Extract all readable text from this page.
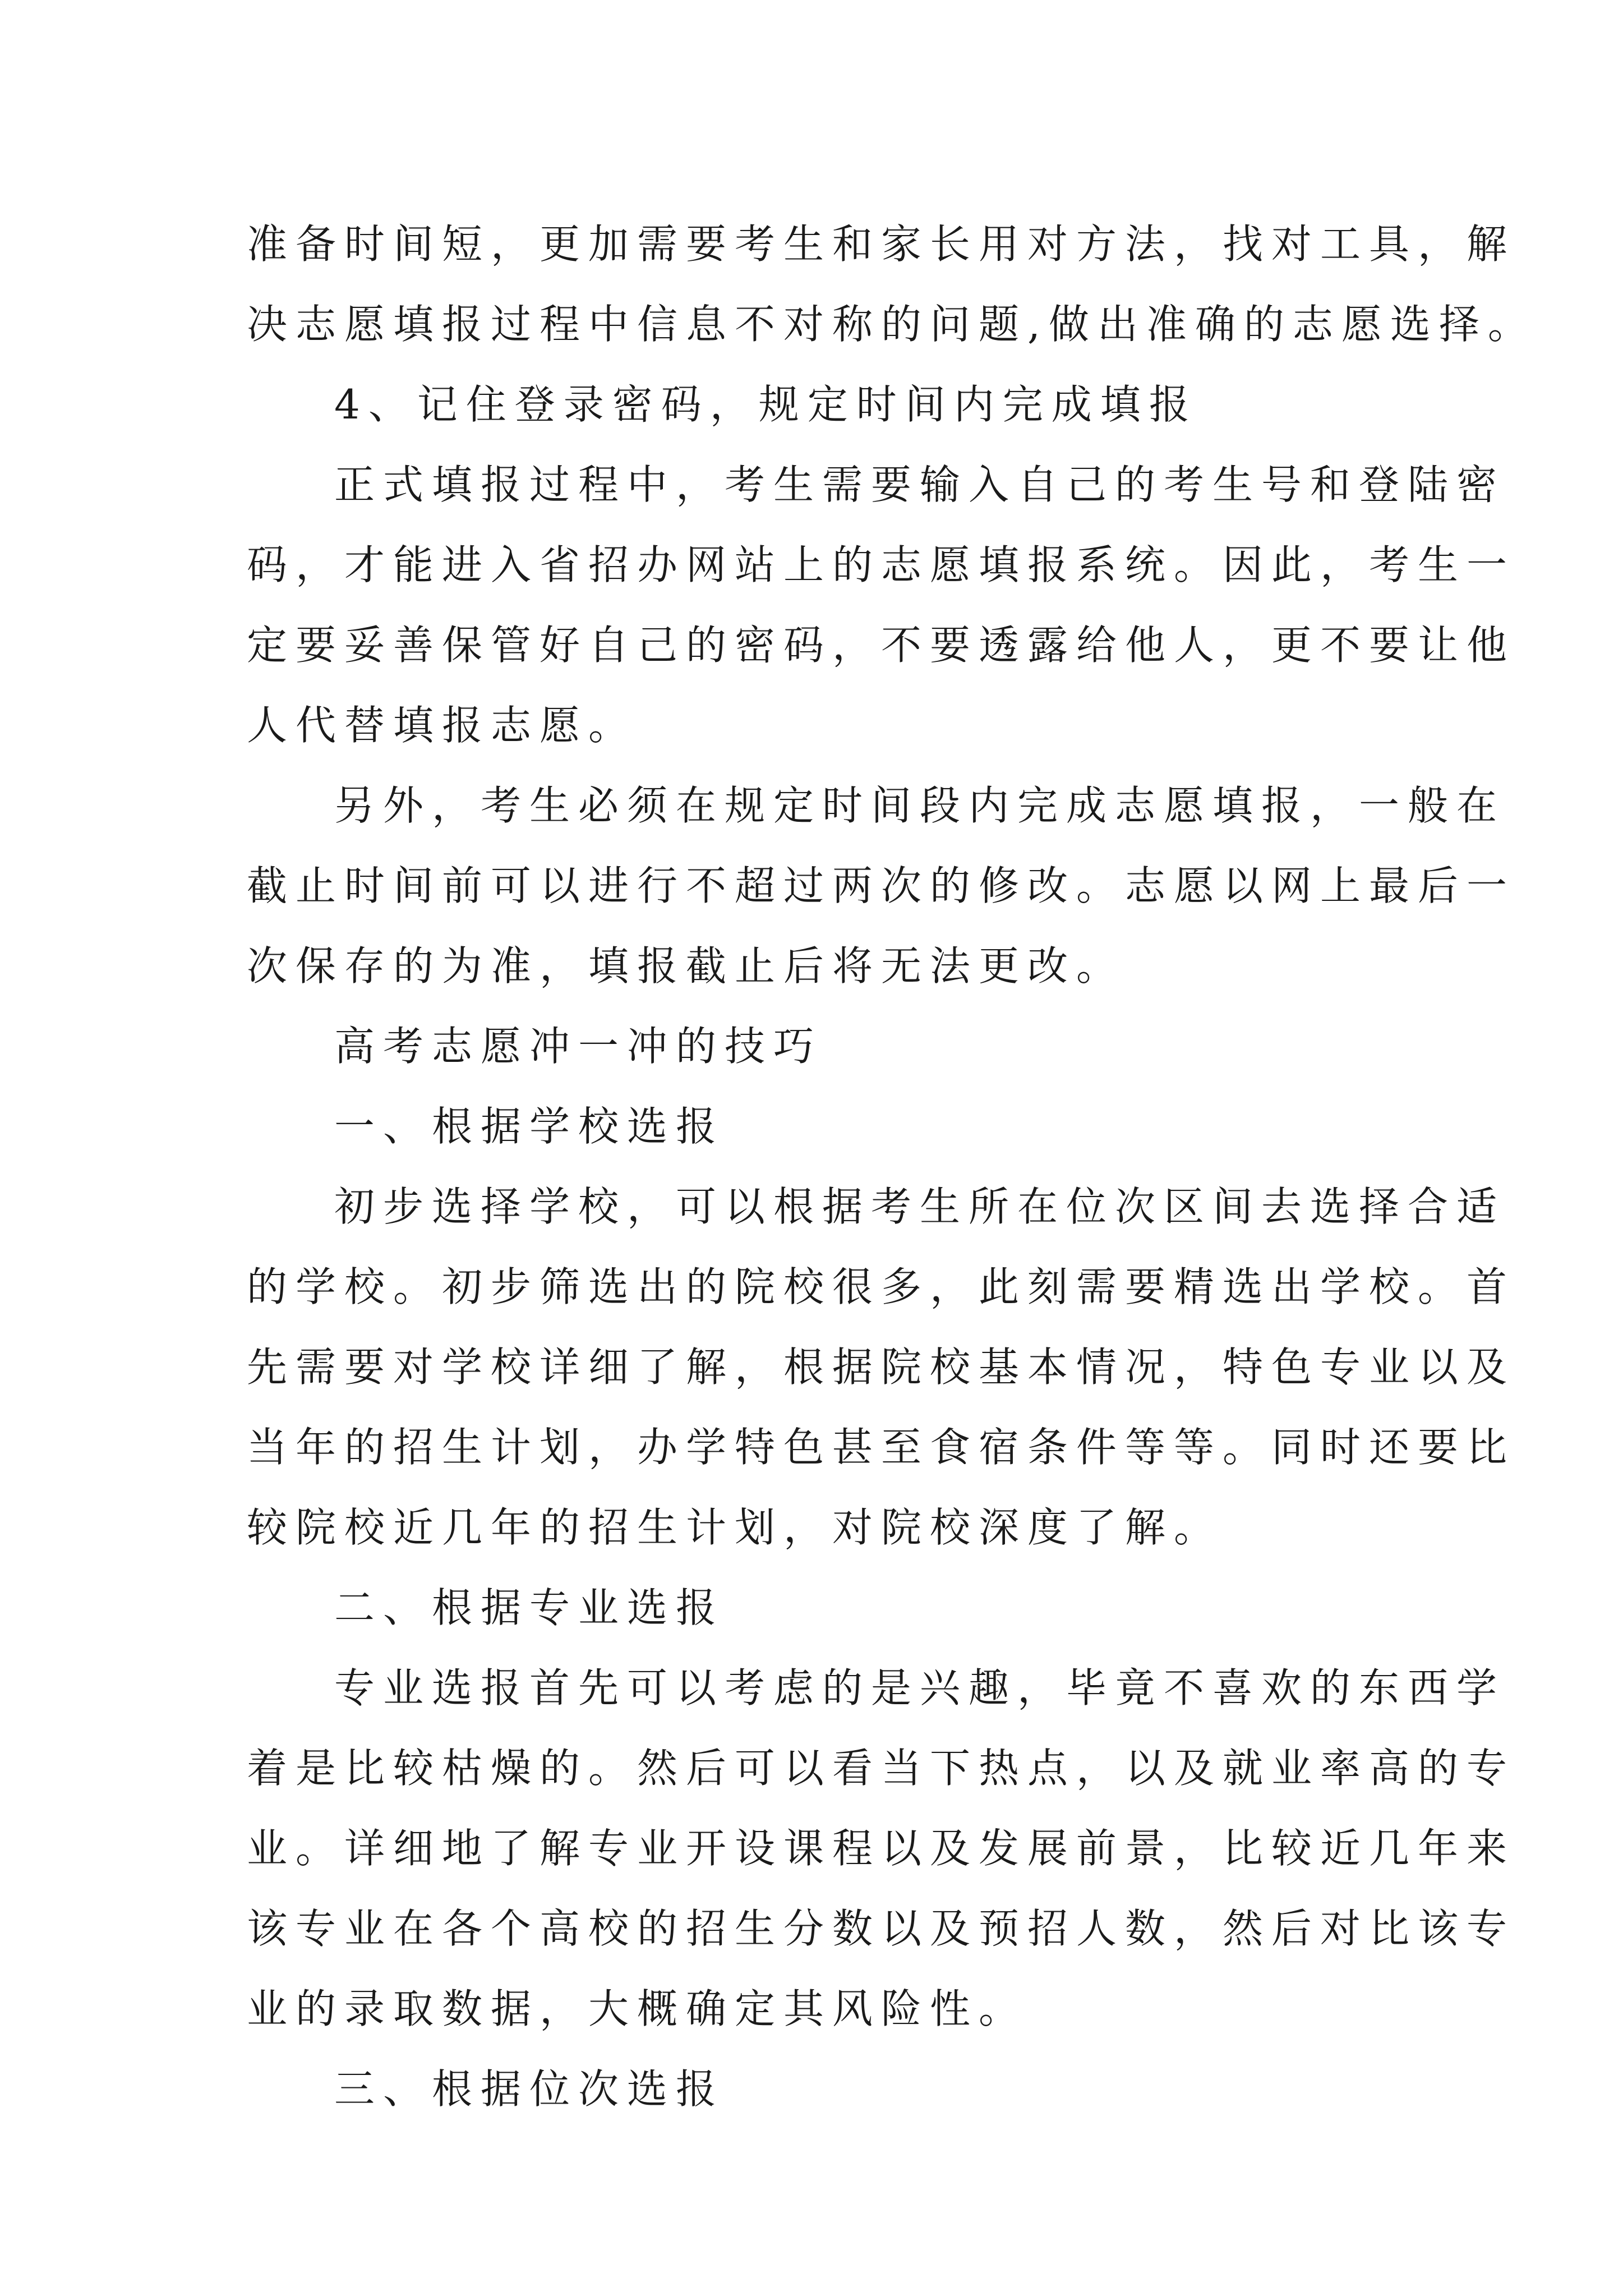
准备时间短，更加需要考生和家长用对方法，找对工具，解
决志愿填报过程中信息不对称的问题,做出准确的志愿选择。
4、记住登录密码，规定时间内完成填报
正式填报过程中，考生需要输入自己的考生号和登陆密
码，才能进入省招办网站上的志愿填报系统。因此，考生一
定要妥善保管好自己的密码，不要透露给他人，更不要让他
人代替填报志愿。
另外，考生必须在规定时间段内完成志愿填报，一般在
截止时间前可以进行不超过两次的修改。志愿以网上最后一
次保存的为准，填报截止后将无法更改。
高考志愿冲一冲的技巧
一、根据学校选报
初步选择学校，可以根据考生所在位次区间去选择合适
的学校。初步筛选出的院校很多，此刻需要精选出学校。首
先需要对学校详细了解，根据院校基本情况，特色专业以及
当年的招生计划，办学特色甚至食宿条件等等。同时还要比
较院校近几年的招生计划，对院校深度了解。
二、根据专业选报
专业选报首先可以考虑的是兴趣，毕竟不喜欢的东西学
着是比较枯燥的。然后可以看当下热点，以及就业率高的专
业。详细地了解专业开设课程以及发展前景，比较近几年来
该专业在各个高校的招生分数以及预招人数，然后对比该专
业的录取数据，大概确定其风险性。
三、根据位次选报
